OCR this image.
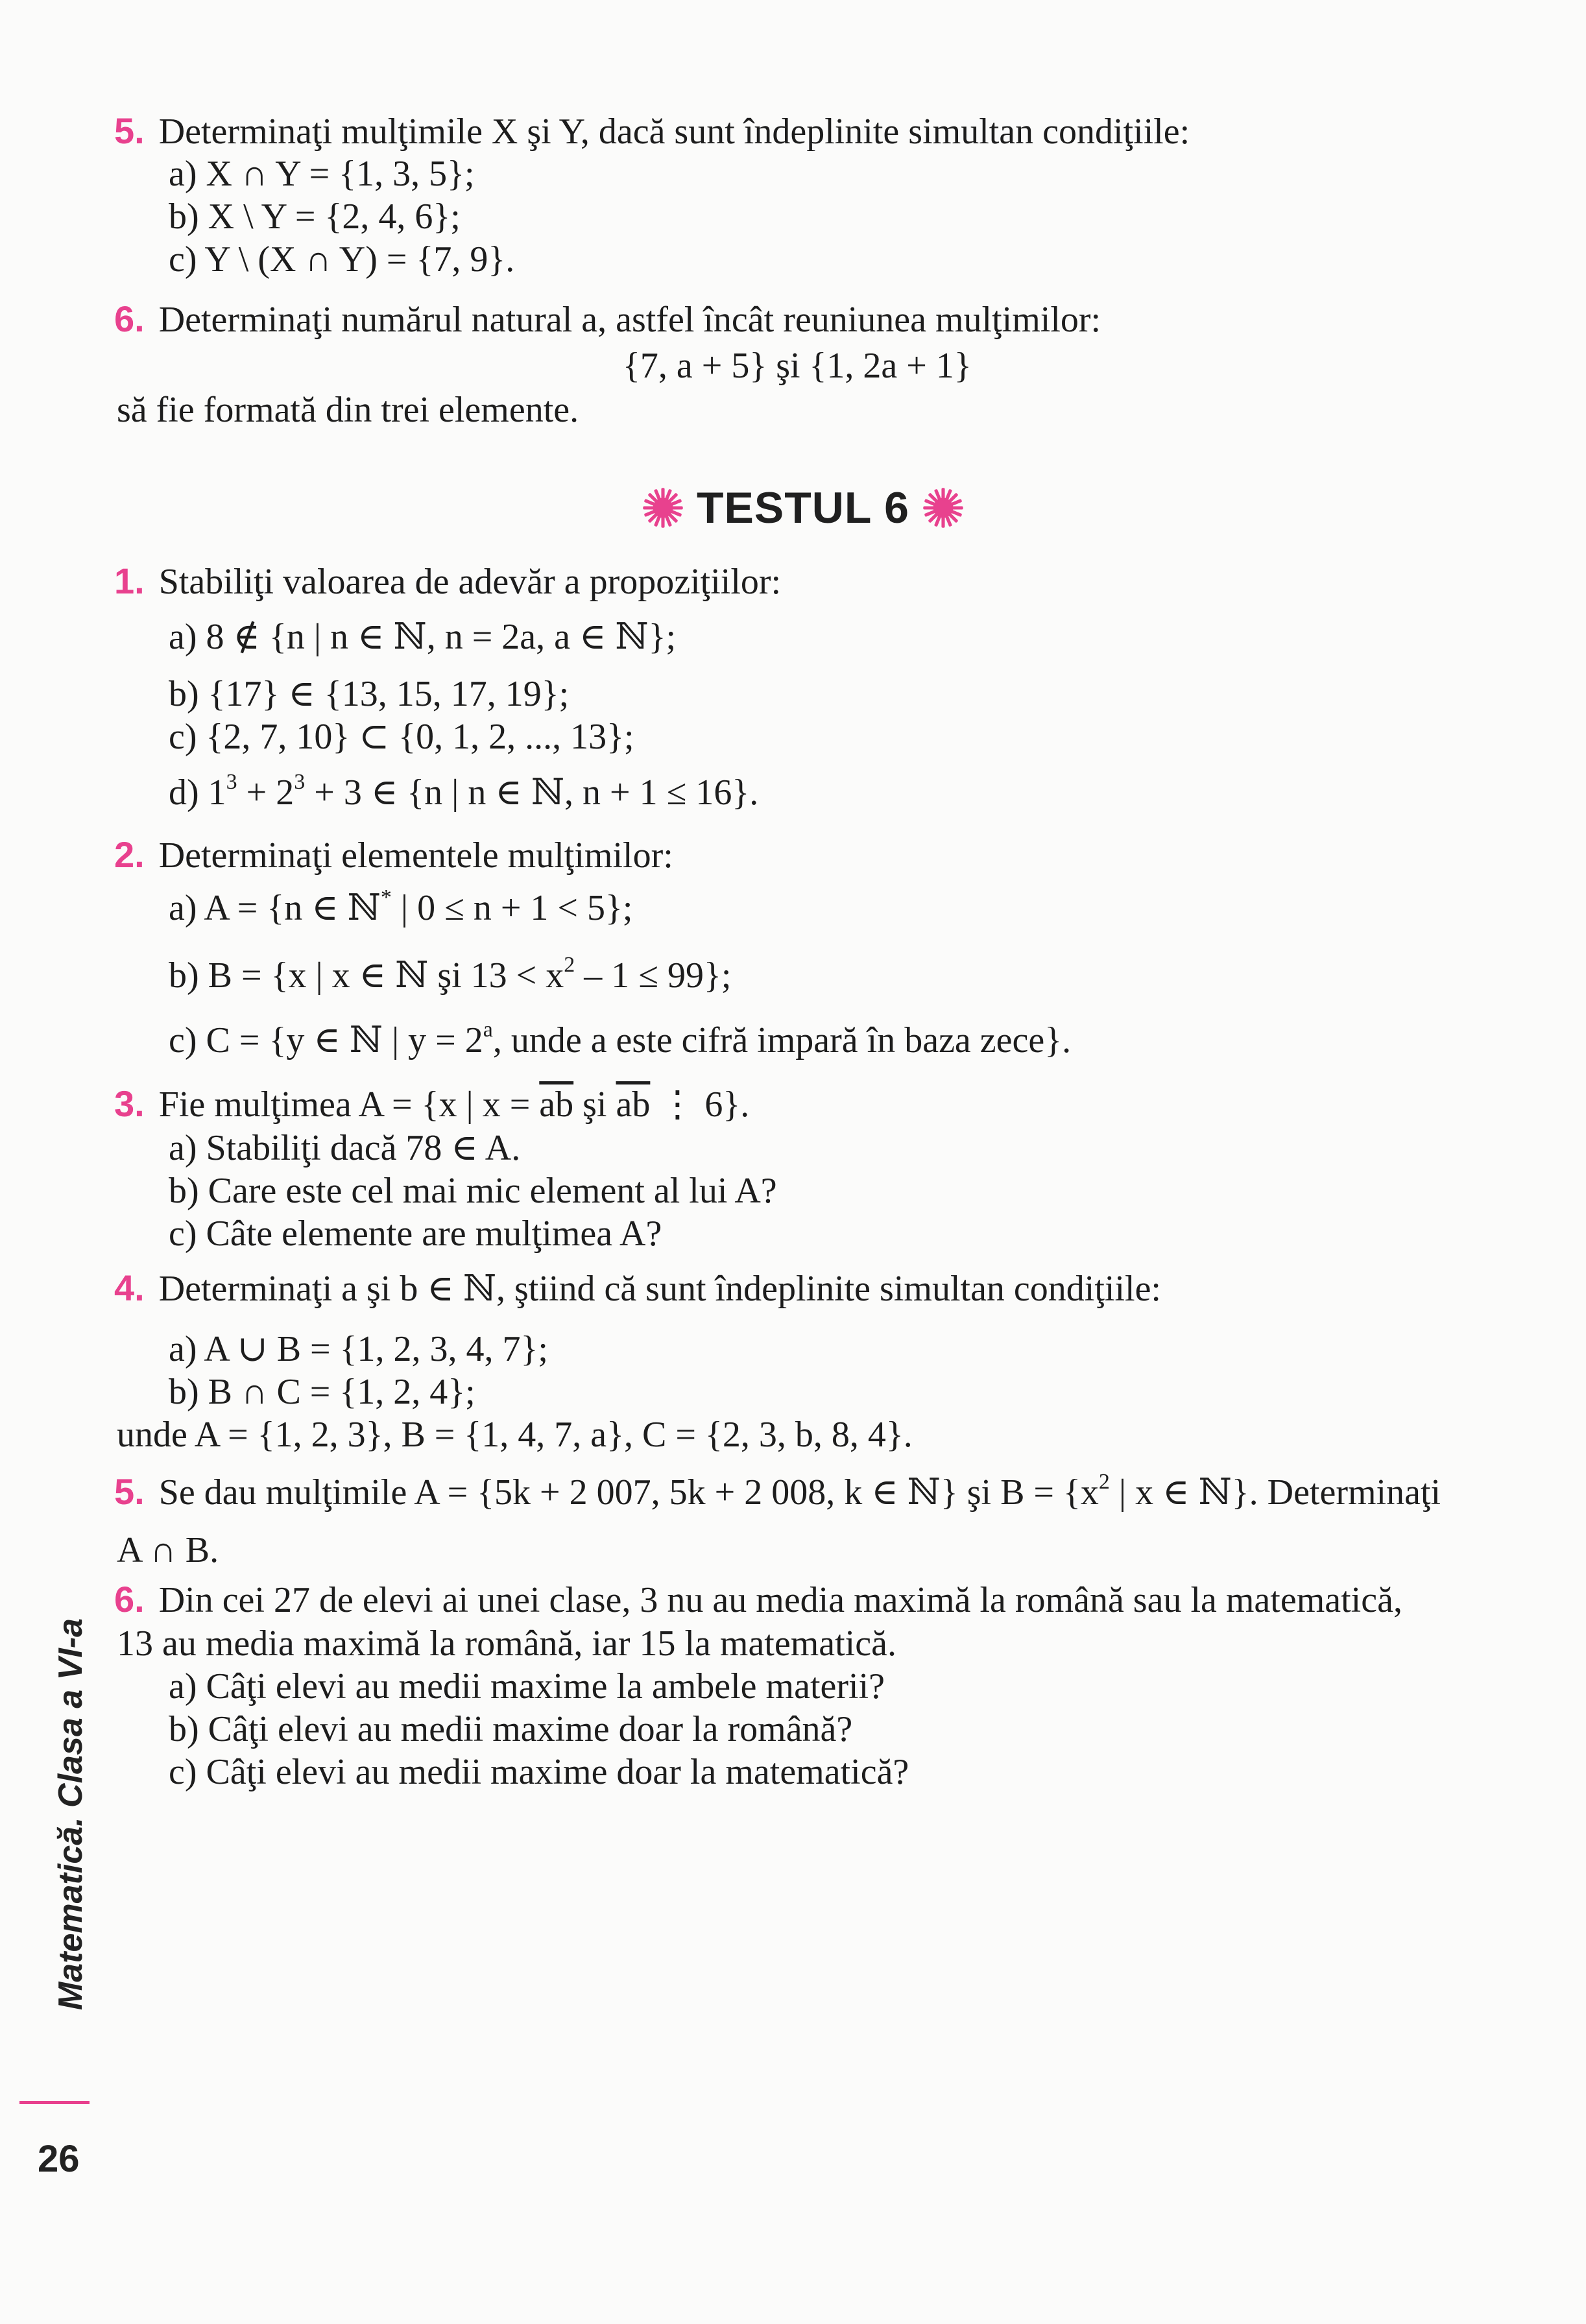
5. Determinaţi mulţimile X şi Y, dacă sunt îndeplinite simultan condiţiile:
a) X ∩ Y = {1, 3, 5};
b) X \ Y = {2, 4, 6};
c) Y \ (X ∩ Y) = {7, 9}.
6. Determinaţi numărul natural a, astfel încât reuniunea mulţimilor:
{7, a + 5} şi {1, 2a + 1}
să fie formată din trei elemente.
TESTUL 6
1. Stabiliţi valoarea de adevăr a propoziţiilor:
a) 8 ∉ {n | n ∈ ℕ, n = 2a, a ∈ ℕ};
b) {17} ∈ {13, 15, 17, 19};
c) {2, 7, 10} ⊂ {0, 1, 2, ..., 13};
d) $1^3 + 2^3 + 3$ ∈ {n | n ∈ ℕ, n + 1 ≤ 16}.
2. Determinaţi elementele mulţimilor:
a) A = {n ∈ ℕ* | 0 ≤ n + 1 < 5};
b) B = {x | x ∈ ℕ şi $13 < x^2 - 1 \le 99$};
c) C = {y ∈ ℕ | $y = 2^a$, unde a este cifră impară în baza zece}.
3. Fie mulţimea A = {x | $x = \overline{ab}$ şi $\overline{ab}$ ⋮ 6}.
a) Stabiliţi dacă 78 ∈ A.
b) Care este cel mai mic element al lui A?
c) Câte elemente are mulţimea A?
4. Determinaţi a şi b ∈ ℕ, ştiind că sunt îndeplinite simultan condiţiile:
a) A ∪ B = {1, 2, 3, 4, 7};
b) B ∩ C = {1, 2, 4};
unde A = {1, 2, 3}, B = {1, 4, 7, a}, C = {2, 3, b, 8, 4}.
5. Se dau mulţimile A = {5k + 2 007, 5k + 2 008, k ∈ ℕ} şi $B = \{x^2$ | x ∈ ℕ}. Determinaţi
A ∩ B.
6. Din cei 27 de elevi ai unei clase, 3 nu au media maximă la română sau la matematică,
13 au media maximă la română, iar 15 la matematică.
a) Câţi elevi au medii maxime la ambele materii?
b) Câţi elevi au medii maxime doar la română?
c) Câţi elevi au medii maxime doar la matematică?
Matematică. Clasa a VI-a
26
